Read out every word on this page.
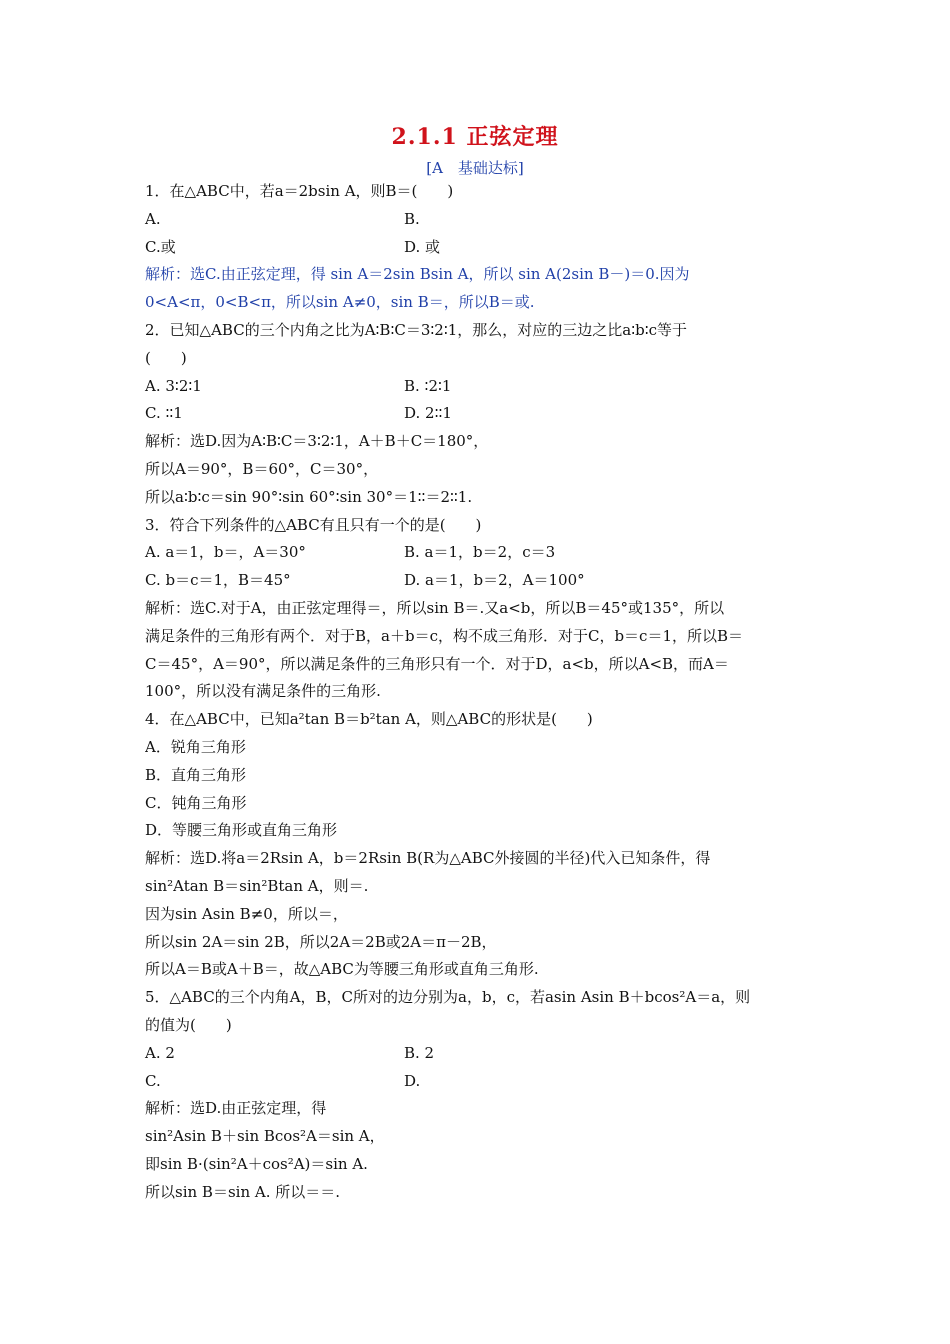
2.1.1 正弦定理
[A　基础达标]
1．在△ABC中，若a＝2bsin A，则B＝(　　)
A.	B.
C.或	D. 或
解析：选C.由正弦定理，得 sin A＝2sin Bsin A，所以 sin A(2sin B－)＝0.因为
0<A<π，0<B<π，所以sin A≠0，sin B＝，所以B＝或.
2．已知△ABC的三个内角之比为A∶B∶C＝3∶2∶1，那么，对应的三边之比a∶b∶c等于
(　　)
A. 3∶2∶1	B. ∶2∶1
C. ∶∶1	D. 2∶∶1
解析：选D.因为A∶B∶C＝3∶2∶1，A＋B＋C＝180°，
所以A＝90°，B＝60°，C＝30°，
所以a∶b∶c＝sin 90°∶sin 60°∶sin 30°＝1∶∶＝2∶∶1.
3．符合下列条件的△ABC有且只有一个的是(　　)
A. a＝1，b＝，A＝30°	B. a＝1，b＝2，c＝3
C. b＝c＝1，B＝45°	D. a＝1，b＝2，A＝100°
解析：选C.对于A，由正弦定理得＝，所以sin B＝.又a<b，所以B＝45°或135°，所以
满足条件的三角形有两个．对于B，a＋b＝c，构不成三角形．对于C，b＝c＝1，所以B＝
C＝45°，A＝90°，所以满足条件的三角形只有一个．对于D，a<b，所以A<B，而A＝
100°，所以没有满足条件的三角形.
4．在△ABC中，已知a²tan B＝b²tan A，则△ABC的形状是(　　)
A．锐角三角形
B．直角三角形
C．钝角三角形
D．等腰三角形或直角三角形
解析：选D.将a＝2Rsin A，b＝2Rsin B(R为△ABC外接圆的半径)代入已知条件，得
sin²Atan B＝sin²Btan A，则＝.
因为sin Asin B≠0，所以＝，
所以sin 2A＝sin 2B，所以2A＝2B或2A＝π－2B，
所以A＝B或A＋B＝，故△ABC为等腰三角形或直角三角形.
5．△ABC的三个内角A，B，C所对的边分别为a，b，c，若asin Asin B＋bcos²A＝a，则
的值为(　　)
A. 2	B. 2
C.	D.
解析：选D.由正弦定理，得
sin²Asin B＋sin Bcos²A＝sin A，
即sin B·(sin²A＋cos²A)＝sin A.
所以sin B＝sin A. 所以＝＝.
